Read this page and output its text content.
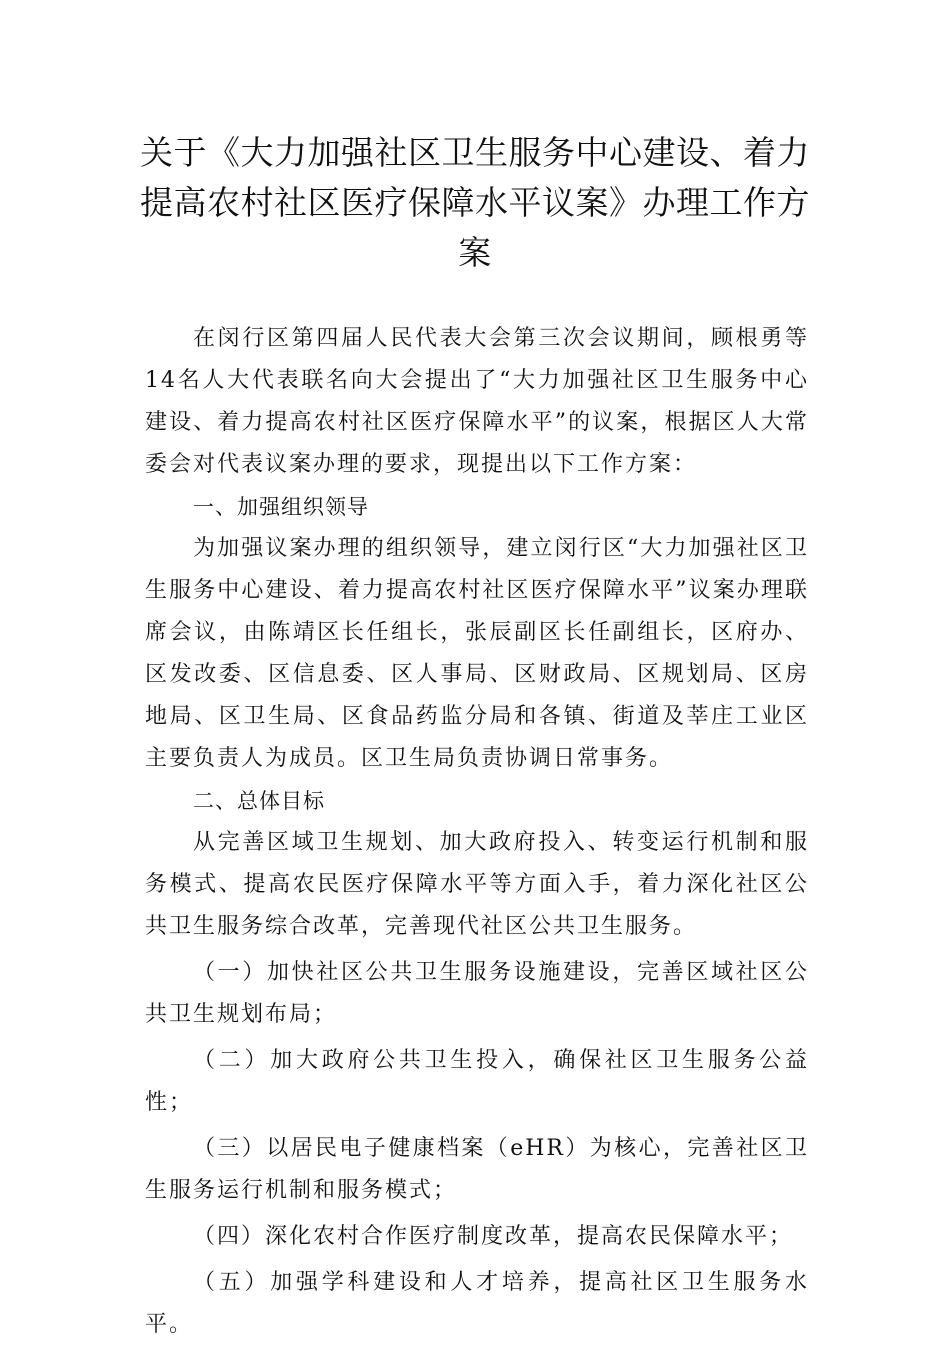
关于《大力加强社区卫生服务中心建设、着力
提高农村社区医疗保障水平议案》办理工作方
案

在闵行区第四届人民代表大会第三次会议期间，顾根勇等14名人大代表联名向大会提出了“大力加强社区卫生服务中心建设、着力提高农村社区医疗保障水平”的议案，根据区人大常委会对代表议案办理的要求，现提出以下工作方案：

一、加强组织领导

为加强议案办理的组织领导，建立闵行区“大力加强社区卫生服务中心建设、着力提高农村社区医疗保障水平”议案办理联席会议，由陈靖区长任组长，张辰副区长任副组长，区府办、区发改委、区信息委、区人事局、区财政局、区规划局、区房地局、区卫生局、区食品药监分局和各镇、街道及莘庄工业区主要负责人为成员。区卫生局负责协调日常事务。

二、总体目标

从完善区域卫生规划、加大政府投入、转变运行机制和服务模式、提高农民医疗保障水平等方面入手，着力深化社区公共卫生服务综合改革，完善现代社区公共卫生服务。

（一）加快社区公共卫生服务设施建设，完善区域社区公共卫生规划布局；

（二）加大政府公共卫生投入，确保社区卫生服务公益性；

（三）以居民电子健康档案（eHR）为核心，完善社区卫生服务运行机制和服务模式；

（四）深化农村合作医疗制度改革，提高农民保障水平；

（五）加强学科建设和人才培养，提高社区卫生服务水平。
